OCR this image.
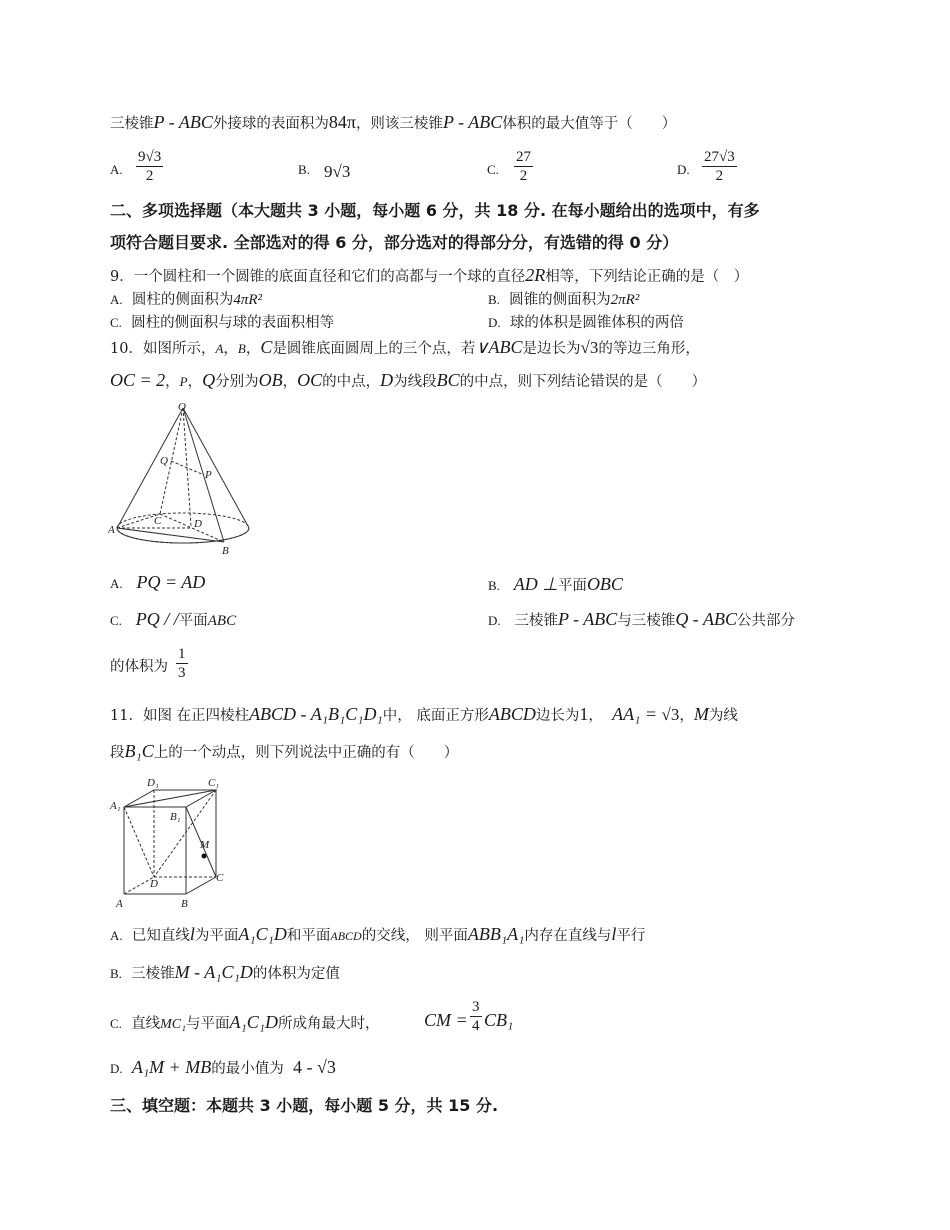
三棱锥P - ABC外接球的表面积为84π，则该三棱锥P - ABC体积的最大值等于（　　）
A. $\frac{9√3}{2}$	B. 9√3	C. $\frac{27}{2}$	D. $\frac{27√3}{2}$
二、多项选择题（本大题共 3 小题，每小题 6 分，共 18 分. 在每小题给出的选项中，有多
项符合题目要求. 全部选对的得 6 分，部分选对的得部分分，有选错的得 0 分）
9．一个圆柱和一个圆锥的底面直径和它们的高都与一个球的直径2R相等，下列结论正确的是（　）
A. 圆柱的侧面积为4πR²	B. 圆锥的侧面积为2πR²
C. 圆柱的侧面积与球的表面积相等	D. 球的体积是圆锥体积的两倍
10．如图所示，A，B，C是圆锥底面圆周上的三个点，若∨ABC是边长为√3的等边三角形，
OC = 2，P，Q分别为OB，OC的中点，D为线段BC的中点，则下列结论错误的是（　　）
O
Q
P
A
B
C	D
A. PQ = AD	B. AD ⊥平面OBC
C. PQ / /平面ABC	D. 三棱锥P - ABC与三棱锥Q - ABC公共部分
的体积为 $\frac{1}{3}$
11．如图 在正四棱柱ABCD - A₁B₁C₁D₁中， 底面正方形ABCD边长为1，  AA₁ = √3，M为线
段B₁C上的一个动点，则下列说法中正确的有（　　）
D₁	C₁
A₁
B₁
M
D	C
A	B
A. 已知直线l为平面A₁C₁D和平面ABCD的交线， 则平面ABB₁A₁内存在直线与l平行
B. 三棱锥M - A₁C₁D的体积为定值
C. 直线MC₁与平面A₁C₁D所成角最大时， CM = $\frac{3}{4} CB_1$
D. A₁M + MB的最小值为 4 - √3
三、填空题：本题共 3 小题，每小题 5 分，共 15 分.
